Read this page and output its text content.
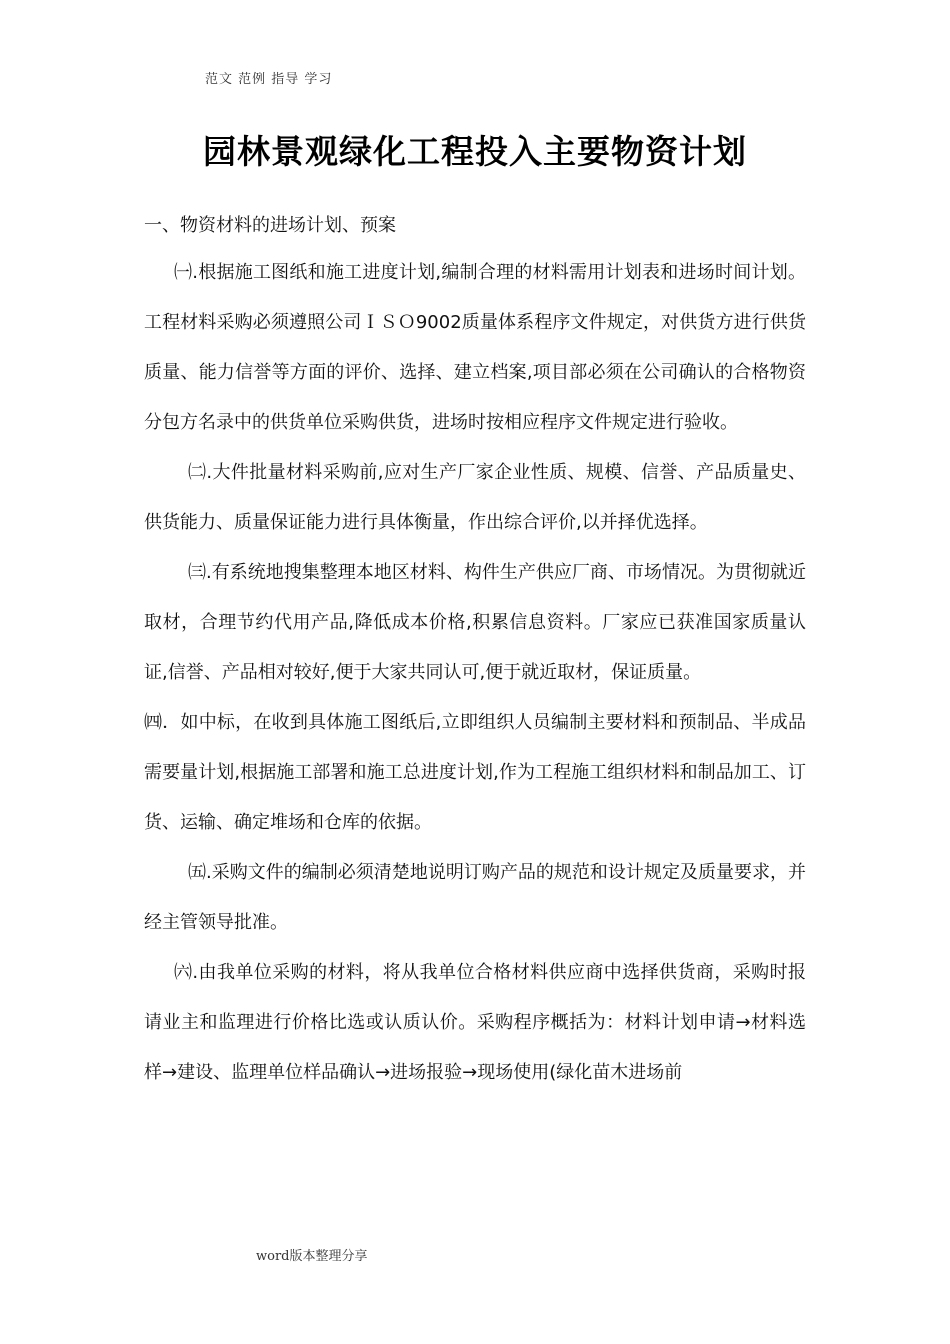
范文 范例 指导 学习
园林景观绿化工程投入主要物资计划
一、物资材料的进场计划、预案

㈠.根据施工图纸和施工进度计划,编制合理的材料需用计划表和进场时间计划。工程材料采购必须遵照公司ＩＳＯ9002质量体系程序文件规定，对供货方进行供货质量、能力信誉等方面的评价、选择、建立档案,项目部必须在公司确认的合格物资分包方名录中的供货单位采购供货，进场时按相应程序文件规定进行验收。

㈡.大件批量材料采购前,应对生产厂家企业性质、规模、信誉、产品质量史、供货能力、质量保证能力进行具体衡量，作出综合评价,以并择优选择。

㈢.有系统地搜集整理本地区材料、构件生产供应厂商、市场情况。为贯彻就近取材，合理节约代用产品,降低成本价格,积累信息资料。厂家应已获准国家质量认证,信誉、产品相对较好,便于大家共同认可,便于就近取材，保证质量。

㈣．如中标，在收到具体施工图纸后,立即组织人员编制主要材料和预制品、半成品需要量计划,根据施工部署和施工总进度计划,作为工程施工组织材料和制品加工、订货、运输、确定堆场和仓库的依据。

㈤.采购文件的编制必须清楚地说明订购产品的规范和设计规定及质量要求，并经主管领导批准。

㈥.由我单位采购的材料，将从我单位合格材料供应商中选择供货商，采购时报请业主和监理进行价格比选或认质认价。采购程序概括为：材料计划申请→材料选样→建设、监理单位样品确认→进场报验→现场使用(绿化苗木进场前

word版本整理分享
